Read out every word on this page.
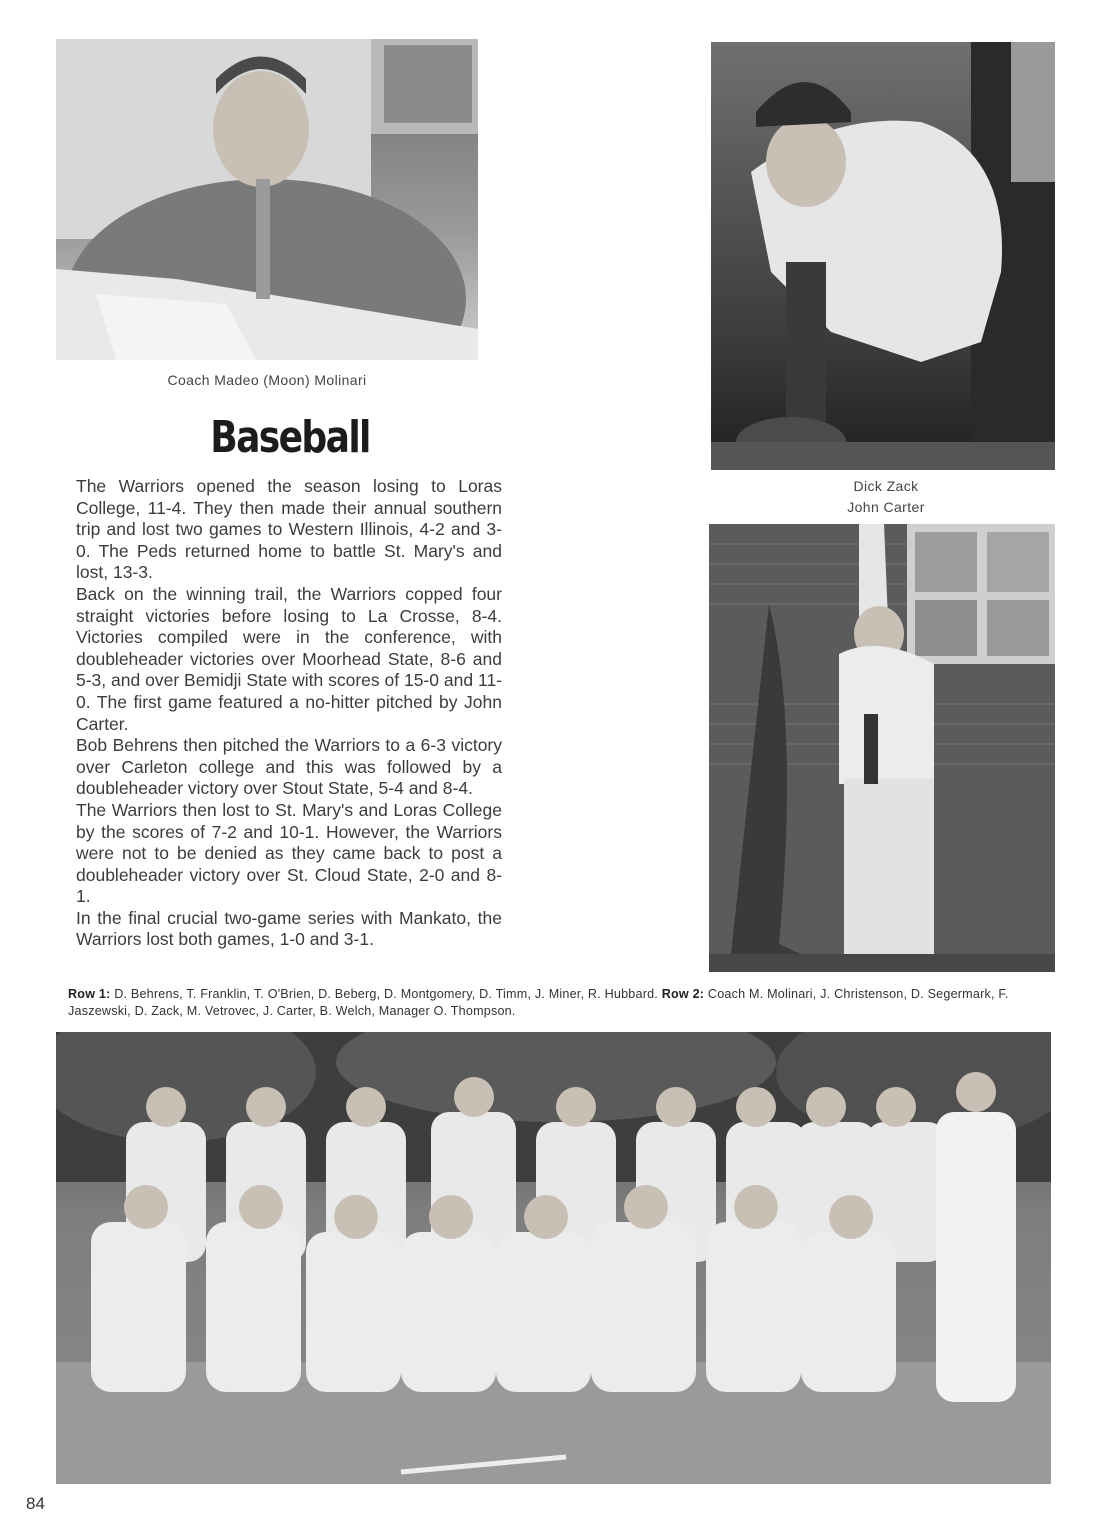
Coach Madeo (Moon) Molinari
Baseball

The Warriors opened the season losing to Loras College, 11-4. They then made their annual southern trip and lost two games to Western Illinois, 4-2 and 3-0. The Peds returned home to battle St. Mary's and lost, 13-3.

Back on the winning trail, the Warriors copped four straight victories before losing to La Crosse, 8-4. Victories compiled were in the conference, with doubleheader victories over Moorhead State, 8-6 and 5-3, and over Bemidji State with scores of 15-0 and 11-0. The first game featured a no-hitter pitched by John Carter.

Bob Behrens then pitched the Warriors to a 6-3 victory over Carleton college and this was followed by a doubleheader victory over Stout State, 5-4 and 8-4.

The Warriors then lost to St. Mary's and Loras College by the scores of 7-2 and 10-1. However, the Warriors were not to be denied as they came back to post a doubleheader victory over St. Cloud State, 2-0 and 8-1.

In the final crucial two-game series with Mankato, the Warriors lost both games, 1-0 and 3-1.

Dick Zack
John Carter
Row 1: D. Behrens, T. Franklin, T. O'Brien, D. Beberg, D. Montgomery, D. Timm, J. Miner, R. Hubbard. Row 2: Coach M. Molinari, J. Christenson, D. Segermark, F. Jaszewski, D. Zack, M. Vetrovec, J. Carter, B. Welch, Manager O. Thompson.
84
